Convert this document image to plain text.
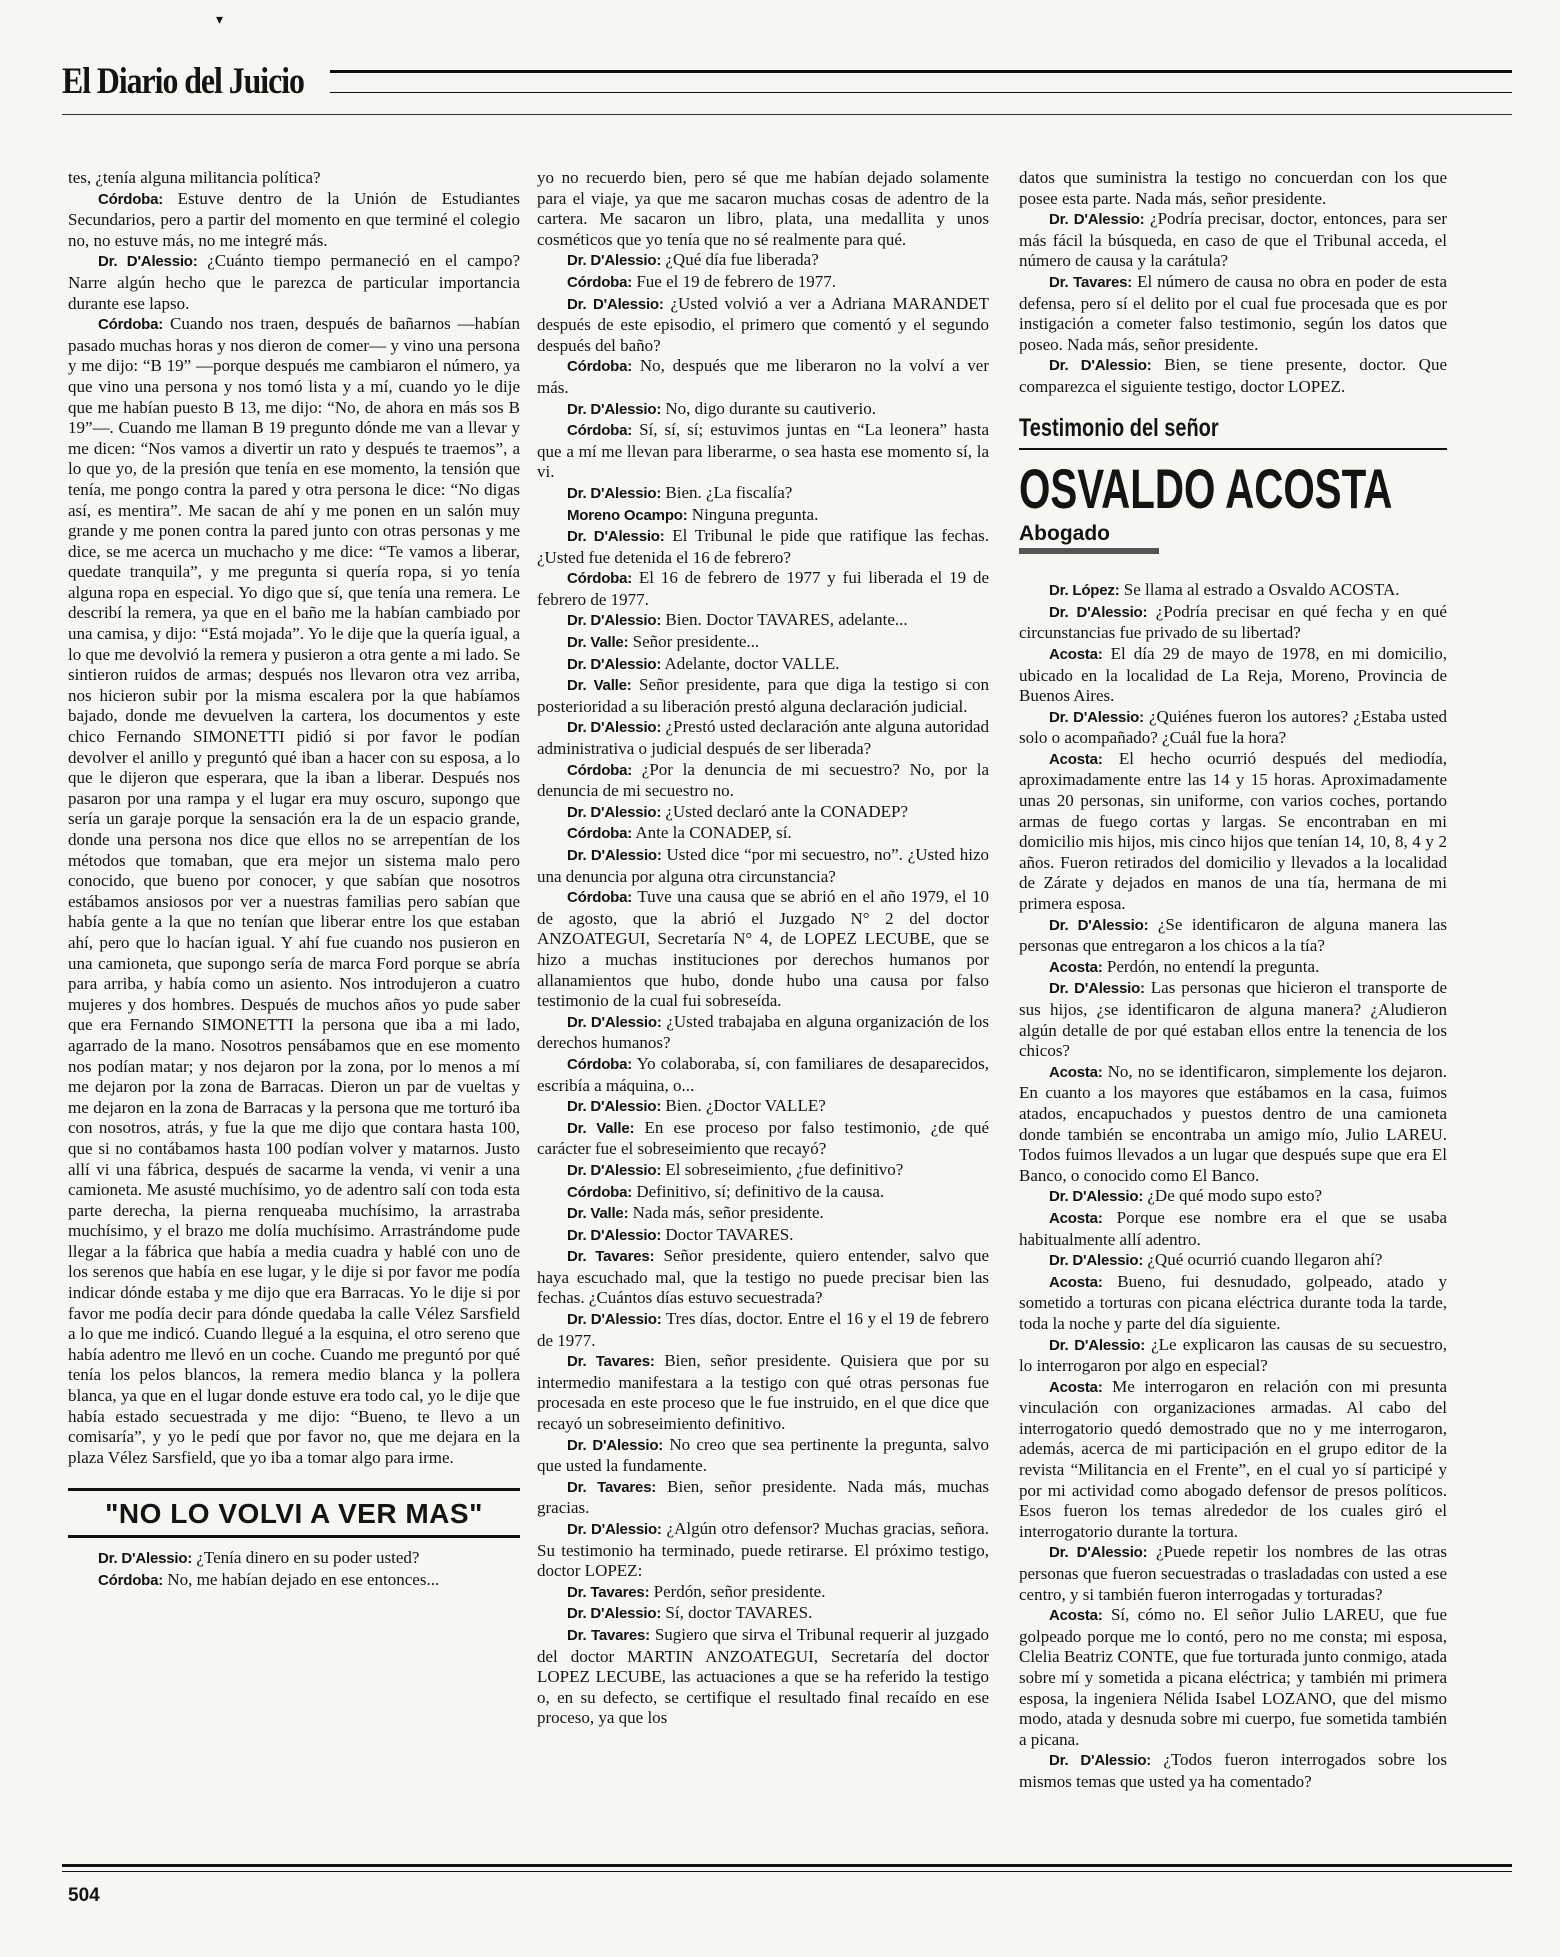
▾
El Diario del Juicio

tes, ¿tenía alguna militancia política?

Córdoba: Estuve dentro de la Unión de Estudiantes Secundarios, pero a partir del momento en que terminé el colegio no, no estuve más, no me integré más.

Dr. D'Alessio: ¿Cuánto tiempo permaneció en el campo? Narre algún hecho que le parezca de particular importancia durante ese lapso.

Córdoba: Cuando nos traen, después de bañarnos —habían pasado muchas horas y nos dieron de comer— y vino una persona y me dijo: “B 19” —porque después me cambiaron el número, ya que vino una persona y nos tomó lista y a mí, cuando yo le dije que me habían puesto B 13, me dijo: “No, de ahora en más sos B 19”—. Cuando me llaman B 19 pregunto dónde me van a llevar y me dicen: “Nos vamos a divertir un rato y después te traemos”, a lo que yo, de la presión que tenía en ese momento, la tensión que tenía, me pongo contra la pared y otra persona le dice: “No digas así, es mentira”. Me sacan de ahí y me ponen en un salón muy grande y me ponen contra la pared junto con otras personas y me dice, se me acerca un muchacho y me dice: “Te vamos a liberar, quedate tranquila”, y me pregunta si quería ropa, si yo tenía alguna ropa en especial. Yo digo que sí, que tenía una remera. Le describí la remera, ya que en el baño me la habían cambiado por una camisa, y dijo: “Está mojada”. Yo le dije que la quería igual, a lo que me devolvió la remera y pusieron a otra gente a mi lado. Se sintieron ruidos de armas; después nos llevaron otra vez arriba, nos hicieron subir por la misma escalera por la que habíamos bajado, donde me devuelven la cartera, los documentos y este chico Fernando SIMONETTI pidió si por favor le podían devolver el anillo y preguntó qué iban a hacer con su esposa, a lo que le dijeron que esperara, que la iban a liberar. Después nos pasaron por una rampa y el lugar era muy oscuro, supongo que sería un garaje porque la sensación era la de un espacio grande, donde una persona nos dice que ellos no se arrepentían de los métodos que tomaban, que era mejor un sistema malo pero conocido, que bueno por conocer, y que sabían que nosotros estábamos ansiosos por ver a nuestras familias pero sabían que había gente a la que no tenían que liberar entre los que estaban ahí, pero que lo hacían igual. Y ahí fue cuando nos pusieron en una camioneta, que supongo sería de marca Ford porque se abría para arriba, y había como un asiento. Nos introdujeron a cuatro mujeres y dos hombres. Después de muchos años yo pude saber que era Fernando SIMONETTI la persona que iba a mi lado, agarrado de la mano. Nosotros pensábamos que en ese momento nos podían matar; y nos dejaron por la zona, por lo menos a mí me dejaron por la zona de Barracas. Dieron un par de vueltas y me dejaron en la zona de Barracas y la persona que me torturó iba con nosotros, atrás, y fue la que me dijo que contara hasta 100, que si no contábamos hasta 100 podían volver y matarnos. Justo allí vi una fábrica, después de sacarme la venda, vi venir a una camioneta. Me asusté muchísimo, yo de adentro salí con toda esta parte derecha, la pierna renqueaba muchísimo, la arrastraba muchísimo, y el brazo me dolía muchísimo. Arrastrándome pude llegar a la fábrica que había a media cuadra y hablé con uno de los serenos que había en ese lugar, y le dije si por favor me podía indicar dónde estaba y me dijo que era Barracas. Yo le dije si por favor me podía decir para dónde quedaba la calle Vélez Sarsfield a lo que me indicó. Cuando llegué a la esquina, el otro sereno que había adentro me llevó en un coche. Cuando me preguntó por qué tenía los pelos blancos, la remera medio blanca y la pollera blanca, ya que en el lugar donde estuve era todo cal, yo le dije que había estado secuestrada y me dijo: “Bueno, te llevo a un comisaría”, y yo le pedí que por favor no, que me dejara en la plaza Vélez Sarsfield, que yo iba a tomar algo para irme.

"NO LO VOLVI A VER MAS"

Dr. D'Alessio: ¿Tenía dinero en su poder usted?

Córdoba: No, me habían dejado en ese entonces...

yo no recuerdo bien, pero sé que me habían dejado solamente para el viaje, ya que me sacaron muchas cosas de adentro de la cartera. Me sacaron un libro, plata, una medallita y unos cosméticos que yo tenía que no sé realmente para qué.

Dr. D'Alessio: ¿Qué día fue liberada?

Córdoba: Fue el 19 de febrero de 1977.

Dr. D'Alessio: ¿Usted volvió a ver a Adriana MARANDET después de este episodio, el primero que comentó y el segundo después del baño?

Córdoba: No, después que me liberaron no la volví a ver más.

Dr. D'Alessio: No, digo durante su cautiverio.

Córdoba: Sí, sí, sí; estuvimos juntas en “La leonera” hasta que a mí me llevan para liberarme, o sea hasta ese momento sí, la vi.

Dr. D'Alessio: Bien. ¿La fiscalía?

Moreno Ocampo: Ninguna pregunta.

Dr. D'Alessio: El Tribunal le pide que ratifique las fechas. ¿Usted fue detenida el 16 de febrero?

Córdoba: El 16 de febrero de 1977 y fui liberada el 19 de febrero de 1977.

Dr. D'Alessio: Bien. Doctor TAVARES, adelante...

Dr. Valle: Señor presidente...

Dr. D'Alessio: Adelante, doctor VALLE.

Dr. Valle: Señor presidente, para que diga la testigo si con posterioridad a su liberación prestó alguna declaración judicial.

Dr. D'Alessio: ¿Prestó usted declaración ante alguna autoridad administrativa o judicial después de ser liberada?

Córdoba: ¿Por la denuncia de mi secuestro? No, por la denuncia de mi secuestro no.

Dr. D'Alessio: ¿Usted declaró ante la CONADEP?

Córdoba: Ante la CONADEP, sí.

Dr. D'Alessio: Usted dice “por mi secuestro, no”. ¿Usted hizo una denuncia por alguna otra circunstancia?

Córdoba: Tuve una causa que se abrió en el año 1979, el 10 de agosto, que la abrió el Juzgado N° 2 del doctor ANZOATEGUI, Secretaría N° 4, de LOPEZ LECUBE, que se hizo a muchas instituciones por derechos humanos por allanamientos que hubo, donde hubo una causa por falso testimonio de la cual fui sobreseída.

Dr. D'Alessio: ¿Usted trabajaba en alguna organización de los derechos humanos?

Córdoba: Yo colaboraba, sí, con familiares de desaparecidos, escribía a máquina, o...

Dr. D'Alessio: Bien. ¿Doctor VALLE?

Dr. Valle: En ese proceso por falso testimonio, ¿de qué carácter fue el sobreseimiento que recayó?

Dr. D'Alessio: El sobreseimiento, ¿fue definitivo?

Córdoba: Definitivo, sí; definitivo de la causa.

Dr. Valle: Nada más, señor presidente.

Dr. D'Alessio: Doctor TAVARES.

Dr. Tavares: Señor presidente, quiero entender, salvo que haya escuchado mal, que la testigo no puede precisar bien las fechas. ¿Cuántos días estuvo secuestrada?

Dr. D'Alessio: Tres días, doctor. Entre el 16 y el 19 de febrero de 1977.

Dr. Tavares: Bien, señor presidente. Quisiera que por su intermedio manifestara a la testigo con qué otras personas fue procesada en este proceso que le fue instruido, en el que dice que recayó un sobreseimiento definitivo.

Dr. D'Alessio: No creo que sea pertinente la pregunta, salvo que usted la fundamente.

Dr. Tavares: Bien, señor presidente. Nada más, muchas gracias.

Dr. D'Alessio: ¿Algún otro defensor? Muchas gracias, señora. Su testimonio ha terminado, puede retirarse. El próximo testigo, doctor LOPEZ:

Dr. Tavares: Perdón, señor presidente.

Dr. D'Alessio: Sí, doctor TAVARES.

Dr. Tavares: Sugiero que sirva el Tribunal requerir al juzgado del doctor MARTIN ANZOATEGUI, Secretaría del doctor LOPEZ LECUBE, las actuaciones a que se ha referido la testigo o, en su defecto, se certifique el resultado final recaído en ese proceso, ya que los

datos que suministra la testigo no concuerdan con los que posee esta parte. Nada más, señor presidente.

Dr. D'Alessio: ¿Podría precisar, doctor, entonces, para ser más fácil la búsqueda, en caso de que el Tribunal acceda, el número de causa y la carátula?

Dr. Tavares: El número de causa no obra en poder de esta defensa, pero sí el delito por el cual fue procesada que es por instigación a cometer falso testimonio, según los datos que poseo. Nada más, señor presidente.

Dr. D'Alessio: Bien, se tiene presente, doctor. Que comparezca el siguiente testigo, doctor LOPEZ.

Testimonio del señor
OSVALDO ACOSTA
Abogado

Dr. López: Se llama al estrado a Osvaldo ACOSTA.

Dr. D'Alessio: ¿Podría precisar en qué fecha y en qué circunstancias fue privado de su libertad?

Acosta: El día 29 de mayo de 1978, en mi domicilio, ubicado en la localidad de La Reja, Moreno, Provincia de Buenos Aires.

Dr. D'Alessio: ¿Quiénes fueron los autores? ¿Estaba usted solo o acompañado? ¿Cuál fue la hora?

Acosta: El hecho ocurrió después del mediodía, aproximadamente entre las 14 y 15 horas. Aproximadamente unas 20 personas, sin uniforme, con varios coches, portando armas de fuego cortas y largas. Se encontraban en mi domicilio mis hijos, mis cinco hijos que tenían 14, 10, 8, 4 y 2 años. Fueron retirados del domicilio y llevados a la localidad de Zárate y dejados en manos de una tía, hermana de mi primera esposa.

Dr. D'Alessio: ¿Se identificaron de alguna manera las personas que entregaron a los chicos a la tía?

Acosta: Perdón, no entendí la pregunta.

Dr. D'Alessio: Las personas que hicieron el transporte de sus hijos, ¿se identificaron de alguna manera? ¿Aludieron algún detalle de por qué estaban ellos entre la tenencia de los chicos?

Acosta: No, no se identificaron, simplemente los dejaron. En cuanto a los mayores que estábamos en la casa, fuimos atados, encapuchados y puestos dentro de una camioneta donde también se encontraba un amigo mío, Julio LAREU. Todos fuimos llevados a un lugar que después supe que era El Banco, o conocido como El Banco.

Dr. D'Alessio: ¿De qué modo supo esto?

Acosta: Porque ese nombre era el que se usaba habitualmente allí adentro.

Dr. D'Alessio: ¿Qué ocurrió cuando llegaron ahí?

Acosta: Bueno, fui desnudado, golpeado, atado y sometido a torturas con picana eléctrica durante toda la tarde, toda la noche y parte del día siguiente.

Dr. D'Alessio: ¿Le explicaron las causas de su secuestro, lo interrogaron por algo en especial?

Acosta: Me interrogaron en relación con mi presunta vinculación con organizaciones armadas. Al cabo del interrogatorio quedó demostrado que no y me interrogaron, además, acerca de mi participación en el grupo editor de la revista “Militancia en el Frente”, en el cual yo sí participé y por mi actividad como abogado defensor de presos políticos. Esos fueron los temas alrededor de los cuales giró el interrogatorio durante la tortura.

Dr. D'Alessio: ¿Puede repetir los nombres de las otras personas que fueron secuestradas o trasladadas con usted a ese centro, y si también fueron interrogadas y torturadas?

Acosta: Sí, cómo no. El señor Julio LAREU, que fue golpeado porque me lo contó, pero no me consta; mi esposa, Clelia Beatriz CONTE, que fue torturada junto conmigo, atada sobre mí y sometida a picana eléctrica; y también mi primera esposa, la ingeniera Nélida Isabel LOZANO, que del mismo modo, atada y desnuda sobre mi cuerpo, fue sometida también a picana.

Dr. D'Alessio: ¿Todos fueron interrogados sobre los mismos temas que usted ya ha comentado?

504
